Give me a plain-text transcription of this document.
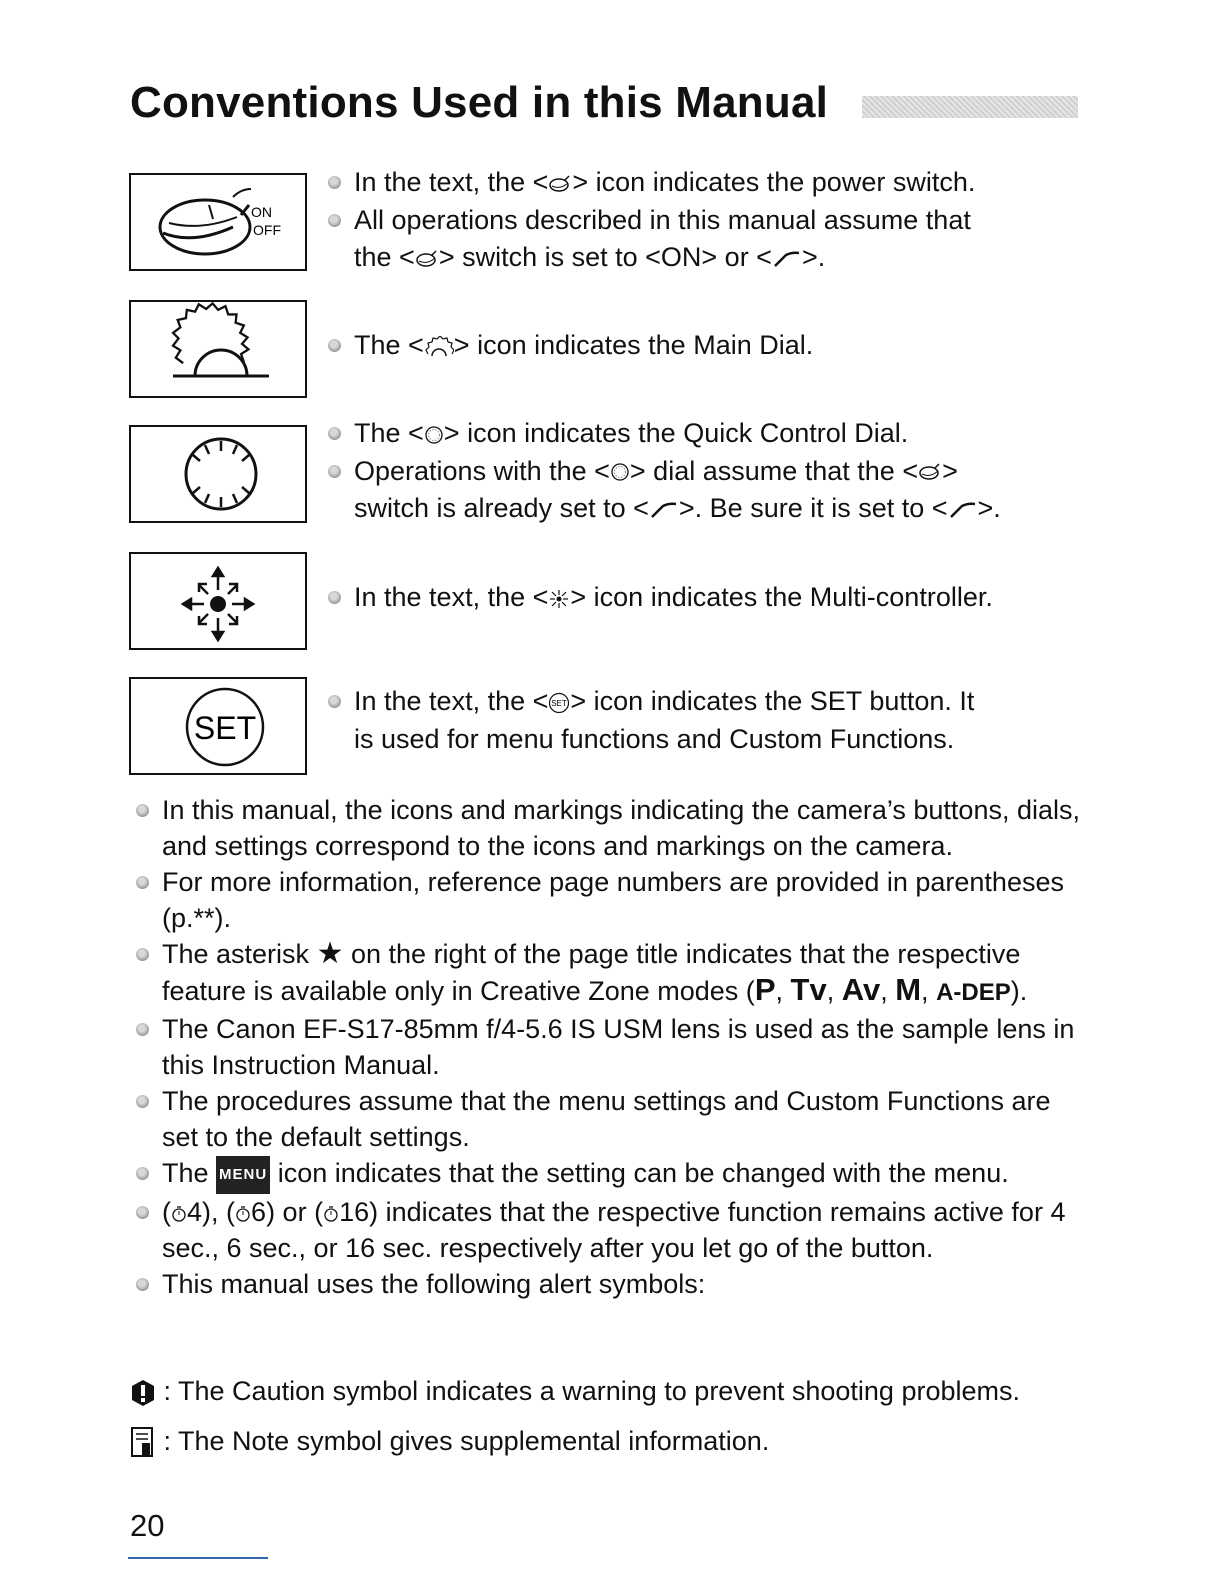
Conventions Used in this Manual
ON
OFF
In the text, the < > icon indicates the power switch.
All operations described in this manual assume that
the < > switch is set to <ON> or < >.
The < > icon indicates the Main Dial.
The < > icon indicates the Quick Control Dial.
Operations with the < > dial assume that the < >
switch is already set to < >. Be sure it is set to < >.
In the text, the < > icon indicates the Multi-controller.
SET
In the text, the < SET > icon indicates the SET button. It
is used for menu functions and Custom Functions.
In this manual, the icons and markings indicating the camera’s buttons, dials, and settings correspond to the icons and markings on the camera.
For more information, reference page numbers are provided in parentheses (p.**).
The asterisk ★ on the right of the page title indicates that the respective feature is available only in Creative Zone modes (P, Tv, Av, M, A-DEP).
The Canon EF-S17-85mm f/4-5.6 IS USM lens is used as the sample lens in this Instruction Manual.
The procedures assume that the menu settings and Custom Functions are set to the default settings.
The MENU icon indicates that the setting can be changed with the menu.
( 4), ( 6) or ( 16) indicates that the respective function remains active for 4 sec., 6 sec., or 16 sec. respectively after you let go of the button.
This manual uses the following alert symbols:
: The Caution symbol indicates a warning to prevent shooting problems.
: The Note symbol gives supplemental information.
20
